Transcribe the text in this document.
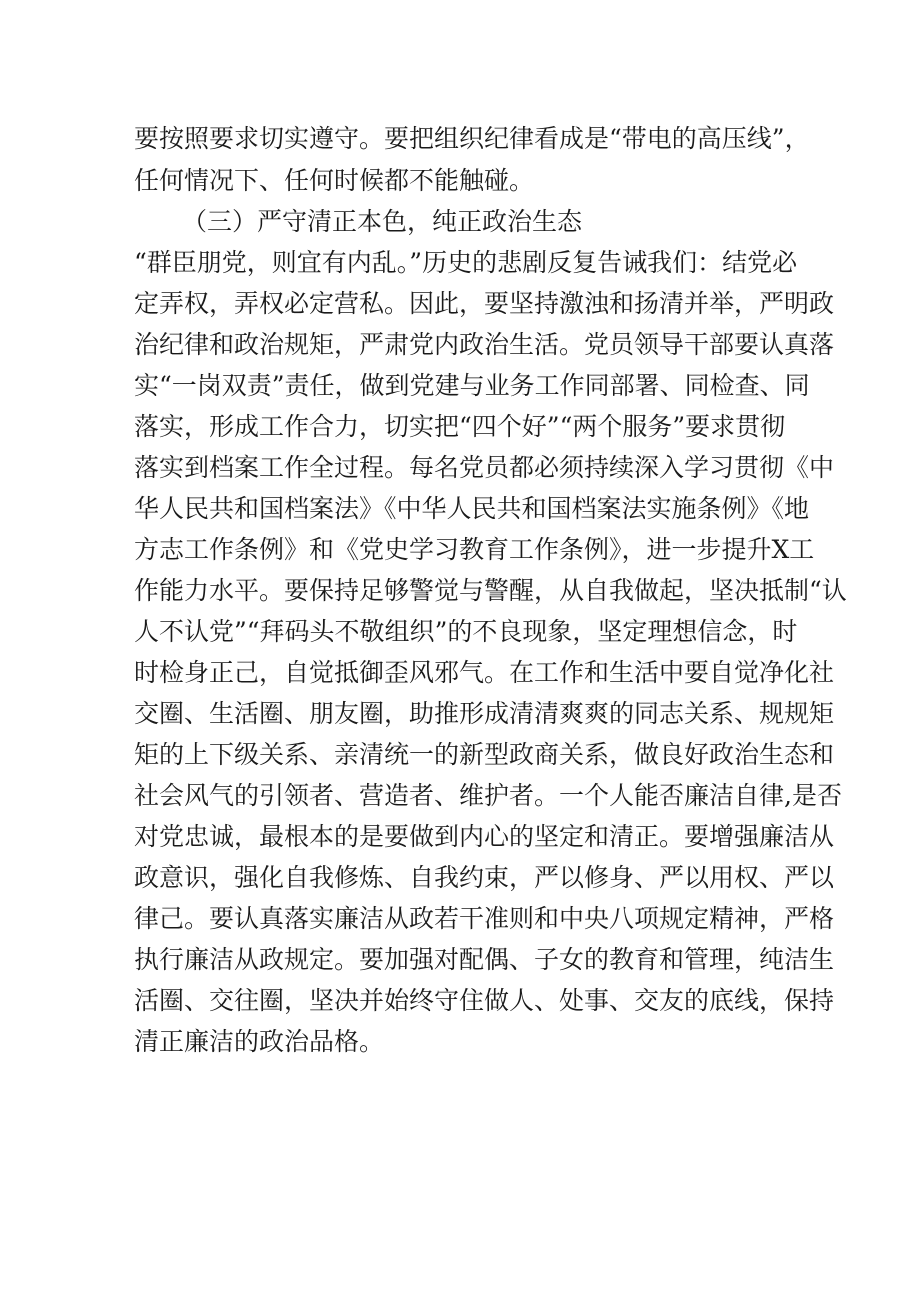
要按照要求切实遵守。要把组织纪律看成是“带电的高压线”，
任何情况下、任何时候都不能触碰。
（三）严守清正本色，纯正政治生态
“群臣朋党，则宜有内乱。”历史的悲剧反复告诫我们：结党必
定弄权，弄权必定营私。因此，要坚持激浊和扬清并举，严明政
治纪律和政治规矩，严肃党内政治生活。党员领导干部要认真落
实“一岗双责”责任，做到党建与业务工作同部署、同检查、同
落实，形成工作合力，切实把“四个好”“两个服务”要求贯彻
落实到档案工作全过程。每名党员都必须持续深入学习贯彻《中
华人民共和国档案法》《中华人民共和国档案法实施条例》《地
方志工作条例》和《党史学习教育工作条例》，进一步提升X工
作能力水平。要保持足够警觉与警醒，从自我做起，坚决抵制“认
人不认党”“拜码头不敬组织”的不良现象，坚定理想信念，时
时检身正己，自觉抵御歪风邪气。在工作和生活中要自觉净化社
交圈、生活圈、朋友圈，助推形成清清爽爽的同志关系、规规矩
矩的上下级关系、亲清统一的新型政商关系，做良好政治生态和
社会风气的引领者、营造者、维护者。一个人能否廉洁自律,是否
对党忠诚，最根本的是要做到内心的坚定和清正。要增强廉洁从
政意识，强化自我修炼、自我约束，严以修身、严以用权、严以
律己。要认真落实廉洁从政若干准则和中央八项规定精神，严格
执行廉洁从政规定。要加强对配偶、子女的教育和管理，纯洁生
活圈、交往圈，坚决并始终守住做人、处事、交友的底线，保持
清正廉洁的政治品格。
